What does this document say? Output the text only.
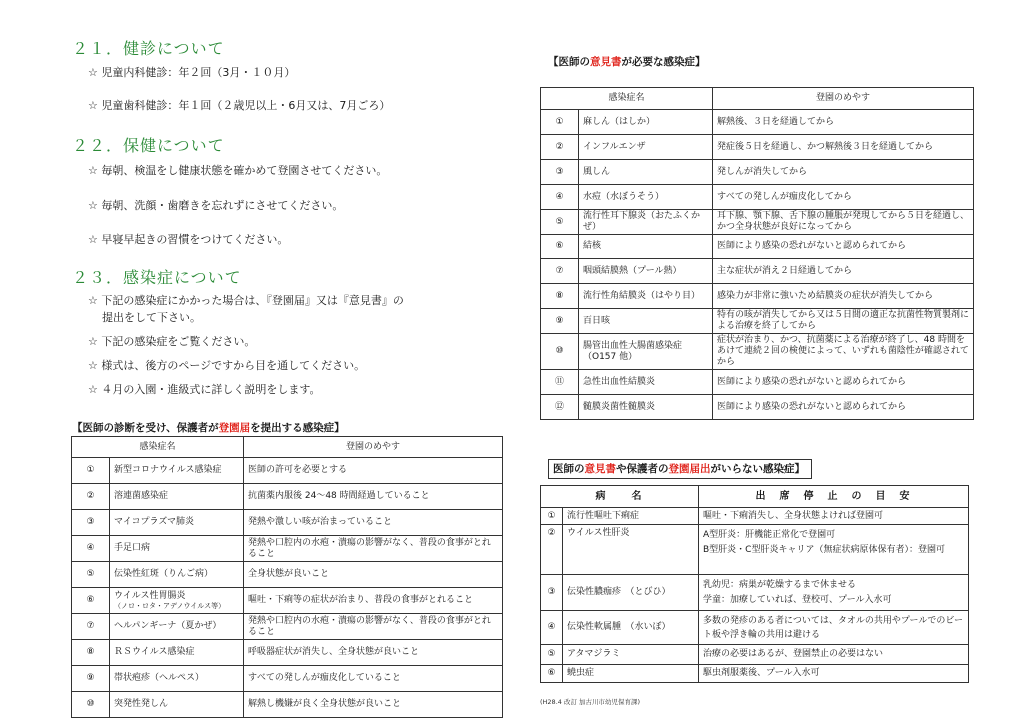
２１．健診について
☆ 児童内科健診：年２回（3月・１０月）
☆ 児童歯科健診：年１回（２歳児以上・6月又は、7月ごろ）
２２．保健について
☆ 毎朝、検温をし健康状態を確かめて登園させてください。
☆ 毎朝、洗顔・歯磨きを忘れずにさせてください。
☆ 早寝早起きの習慣をつけてください。
２３．感染症について
☆ 下記の感染症にかかった場合は、『登園届』又は『意見書』の
提出をして下さい。
☆ 下記の感染症をご覧ください。
☆ 様式は、後方のページですから目を通してください。
☆ ４月の入園・進級式に詳しく説明をします。
【医師の診断を受け、保護者が登園届を提出する感染症】
感染症名		登園のめやす
①	新型コロナウイルス感染症	医師の許可を必要とする
②	溶連菌感染症	抗菌薬内服後 24～48 時間経過していること
③	マイコプラズマ肺炎	発熱や激しい咳が治まっていること
④	手足口病	発熱や口腔内の水疱・潰瘍の影響がなく、普段の食事がとれること
⑤	伝染性紅斑（りんご病）	全身状態が良いこと
⑥	ウイルス性胃腸炎
（ノロ・ロタ・アデノウイルス等）	嘔吐・下痢等の症状が治まり、普段の食事がとれること
⑦	ヘルパンギーナ（夏かぜ）	発熱や口腔内の水疱・潰瘍の影響がなく、普段の食事がとれること
⑧	ＲＳウイルス感染症	呼吸器症状が消失し、全身状態が良いこと
⑨	帯状疱疹（ヘルペス）	すべての発しんが痂皮化していること
⑩	突発性発しん	解熱し機嫌が良く全身状態が良いこと
【医師の意見書が必要な感染症】
感染症名		登園のめやす
①	麻しん（はしか）	解熱後、３日を経過してから
②	インフルエンザ	発症後５日を経過し、かつ解熱後３日を経過してから
③	風しん	発しんが消失してから
④	水痘（水ぼうそう）	すべての発しんが痂皮化してから
⑤	流行性耳下腺炎（おたふくかぜ）	耳下腺、顎下腺、舌下腺の腫脹が発現してから５日を経過し、かつ全身状態が良好になってから
⑥	結核	医師により感染の恐れがないと認められてから
⑦	咽頭結膜熱（プール熱）	主な症状が消え２日経過してから
⑧	流行性角結膜炎（はやり目）	感染力が非常に強いため結膜炎の症状が消失してから
⑨	百日咳	特有の咳が消失してから又は５日間の適正な抗菌性物質製剤による治療を終了してから
⑩	腸管出血性大腸菌感染症（O157 他）	症状が治まり、かつ、抗菌薬による治療が終了し、48 時間をあけて連続２回の検便によって、いずれも菌陰性が確認されてから
⑪	急性出血性結膜炎	医師により感染の恐れがないと認められてから
⑫	髄膜炎菌性髄膜炎	医師により感染の恐れがないと認められてから
医師の意見書や保護者の登園届出がいらない感染症】
病　　名		出　席　停　止　の　目　安
①	流行性嘔吐下痢症	嘔吐・下痢消失し、全身状態よければ登園可
②	ウイルス性肝炎	A型肝炎：肝機能正常化で登園可
B型肝炎・C型肝炎キャリア（無症状病原体保有者）：登園可

③	伝染性膿痂疹　（とびひ）	乳幼児：病巣が乾燥するまで休ませる
学童：加療していれば、登校可、プール入水可

④	伝染性軟属腫　（水いぼ）	多数の発疹のある者については、タオルの共用やプールでのビート板や浮き輪の共用は避ける
⑤	アタマジラミ	治療の必要はあるが、登園禁止の必要はない
⑥	蟯虫症	駆虫剤服薬後、プール入水可
(H28.4 改訂 加古川市幼児保育課)
